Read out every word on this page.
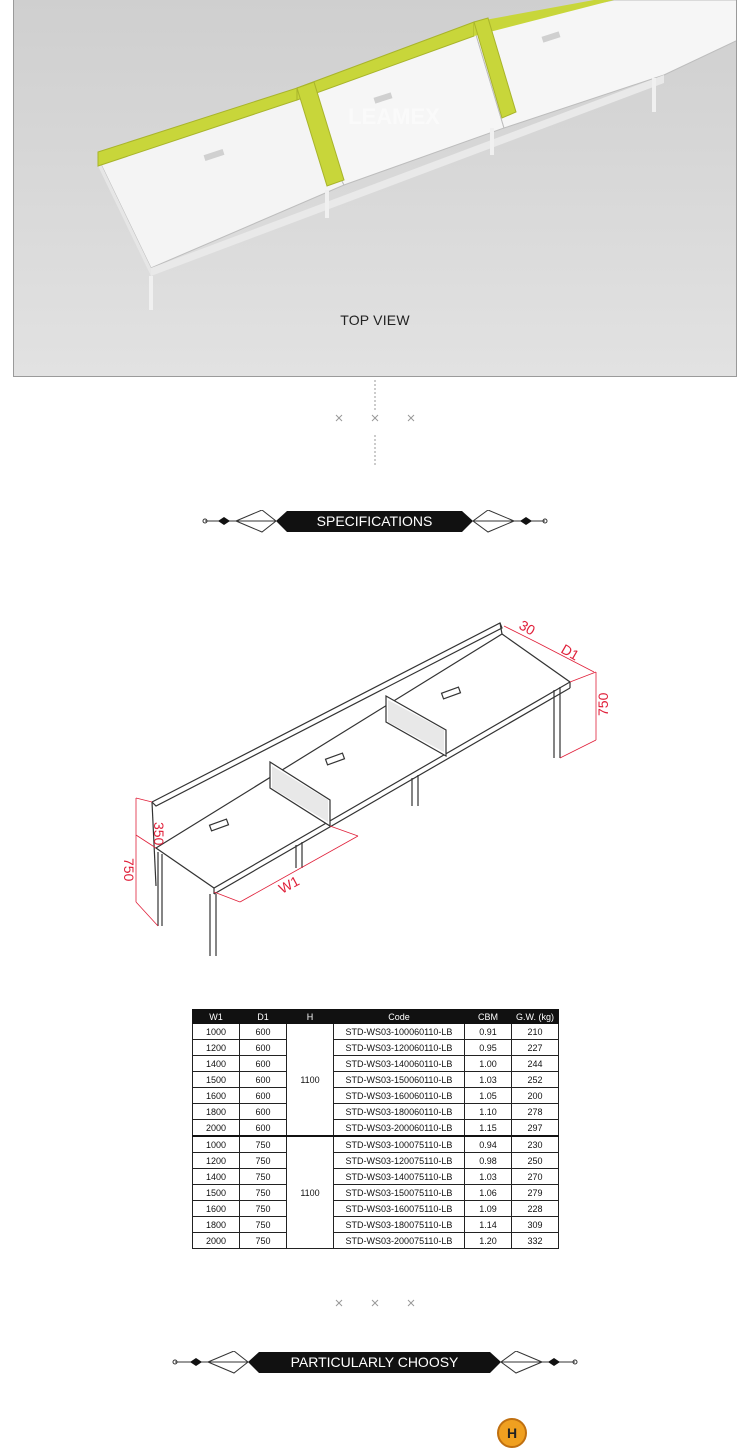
LEAMEX
TOP VIEW
SPECIFICATIONS
30
D1
750
350
750
W1
W1	D1	H	Code	CBM	G.W. (kg)
1000	600	1100	STD-WS03-100060110-LB	0.91	210
1200	600		STD-WS03-120060110-LB	0.95	227
1400	600		STD-WS03-140060110-LB	1.00	244
1500	600		STD-WS03-150060110-LB	1.03	252
1600	600		STD-WS03-160060110-LB	1.05	200
1800	600		STD-WS03-180060110-LB	1.10	278
2000	600		STD-WS03-200060110-LB	1.15	297
1000	750	1100	STD-WS03-100075110-LB	0.94	230
1200	750		STD-WS03-120075110-LB	0.98	250
1400	750		STD-WS03-140075110-LB	1.03	270
1500	750		STD-WS03-150075110-LB	1.06	279
1600	750		STD-WS03-160075110-LB	1.09	228
1800	750		STD-WS03-180075110-LB	1.14	309
2000	750		STD-WS03-200075110-LB	1.20	332
PARTICULARLY CHOOSY
H
